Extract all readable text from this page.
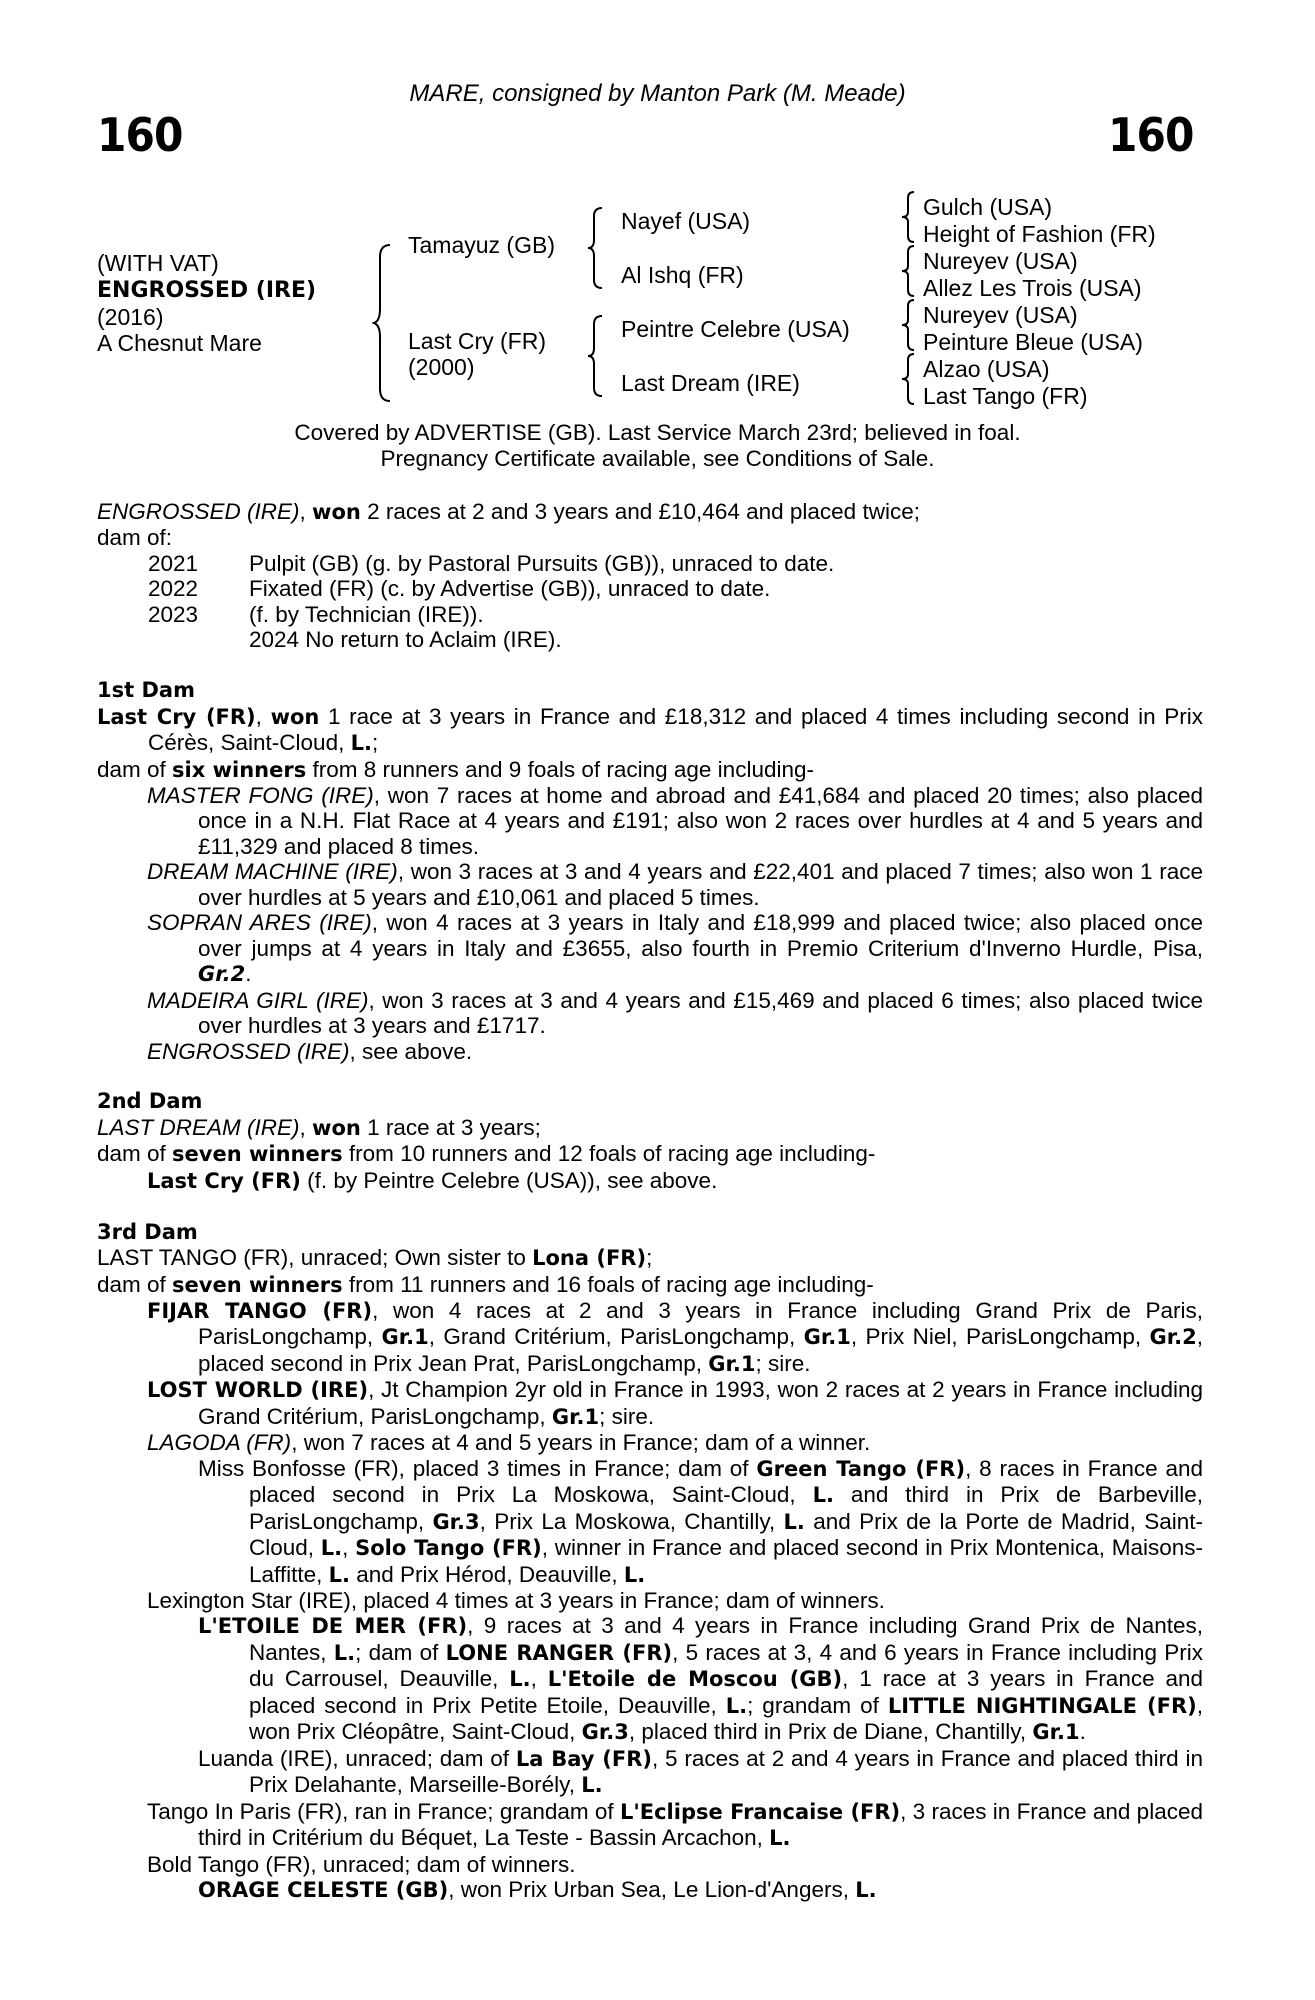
MARE, consigned by Manton Park (M. Meade)
160	160
(WITH VAT)
ENGROSSED (IRE)
(2016)
A Chesnut Mare
Tamayuz (GB)
Last Cry (FR)
(2000)
Nayef (USA)
Al Ishq (FR)
Peintre Celebre (USA)
Last Dream (IRE)
Gulch (USA)
Height of Fashion (FR)
Nureyev (USA)
Allez Les Trois (USA)
Nureyev (USA)
Peinture Bleue (USA)
Alzao (USA)
Last Tango (FR)
Covered by ADVERTISE (GB). Last Service March 23rd; believed in foal.
Pregnancy Certificate available, see Conditions of Sale.
ENGROSSED (IRE), won 2 races at 2 and 3 years and £10,464 and placed twice;
dam of:
2021	Pulpit (GB) (g. by Pastoral Pursuits (GB)), unraced to date.
2022	Fixated (FR) (c. by Advertise (GB)), unraced to date.
2023	(f. by Technician (IRE)).
2024 No return to Aclaim (IRE).
1st Dam
Last Cry (FR), won 1 race at 3 years in France and £18,312 and placed 4 times including second in Prix Cérès, Saint-Cloud, L.;
dam of six winners from 8 runners and 9 foals of racing age including-
MASTER FONG (IRE), won 7 races at home and abroad and £41,684 and placed 20 times; also placed once in a N.H. Flat Race at 4 years and £191; also won 2 races over hurdles at 4 and 5 years and £11,329 and placed 8 times.
DREAM MACHINE (IRE), won 3 races at 3 and 4 years and £22,401 and placed 7 times; also won 1 race over hurdles at 5 years and £10,061 and placed 5 times.
SOPRAN ARES (IRE), won 4 races at 3 years in Italy and £18,999 and placed twice; also placed once over jumps at 4 years in Italy and £3655, also fourth in Premio Criterium d'Inverno Hurdle, Pisa, Gr.2.
MADEIRA GIRL (IRE), won 3 races at 3 and 4 years and £15,469 and placed 6 times; also placed twice over hurdles at 3 years and £1717.
ENGROSSED (IRE), see above.
2nd Dam
LAST DREAM (IRE), won 1 race at 3 years;
dam of seven winners from 10 runners and 12 foals of racing age including-
Last Cry (FR) (f. by Peintre Celebre (USA)), see above.
3rd Dam
LAST TANGO (FR), unraced; Own sister to Lona (FR);
dam of seven winners from 11 runners and 16 foals of racing age including-
FIJAR TANGO (FR), won 4 races at 2 and 3 years in France including Grand Prix de Paris, ParisLongchamp, Gr.1, Grand Critérium, ParisLongchamp, Gr.1, Prix Niel, ParisLongchamp, Gr.2, placed second in Prix Jean Prat, ParisLongchamp, Gr.1; sire.
LOST WORLD (IRE), Jt Champion 2yr old in France in 1993, won 2 races at 2 years in France including Grand Critérium, ParisLongchamp, Gr.1; sire.
LAGODA (FR), won 7 races at 4 and 5 years in France; dam of a winner.
Miss Bonfosse (FR), placed 3 times in France; dam of Green Tango (FR), 8 races in France and placed second in Prix La Moskowa, Saint-Cloud, L. and third in Prix de Barbeville, ParisLongchamp, Gr.3, Prix La Moskowa, Chantilly, L. and Prix de la Porte de Madrid, Saint-Cloud, L., Solo Tango (FR), winner in France and placed second in Prix Montenica, Maisons-Laffitte, L. and Prix Hérod, Deauville, L.
Lexington Star (IRE), placed 4 times at 3 years in France; dam of winners.
L'ETOILE DE MER (FR), 9 races at 3 and 4 years in France including Grand Prix de Nantes, Nantes, L.; dam of LONE RANGER (FR), 5 races at 3, 4 and 6 years in France including Prix du Carrousel, Deauville, L., L'Etoile de Moscou (GB), 1 race at 3 years in France and placed second in Prix Petite Etoile, Deauville, L.; grandam of LITTLE NIGHTINGALE (FR), won Prix Cléopâtre, Saint-Cloud, Gr.3, placed third in Prix de Diane, Chantilly, Gr.1.
Luanda (IRE), unraced; dam of La Bay (FR), 5 races at 2 and 4 years in France and placed third in Prix Delahante, Marseille-Borély, L.
Tango In Paris (FR), ran in France; grandam of L'Eclipse Francaise (FR), 3 races in France and placed third in Critérium du Béquet, La Teste - Bassin Arcachon, L.
Bold Tango (FR), unraced; dam of winners.
ORAGE CELESTE (GB), won Prix Urban Sea, Le Lion-d'Angers, L.
